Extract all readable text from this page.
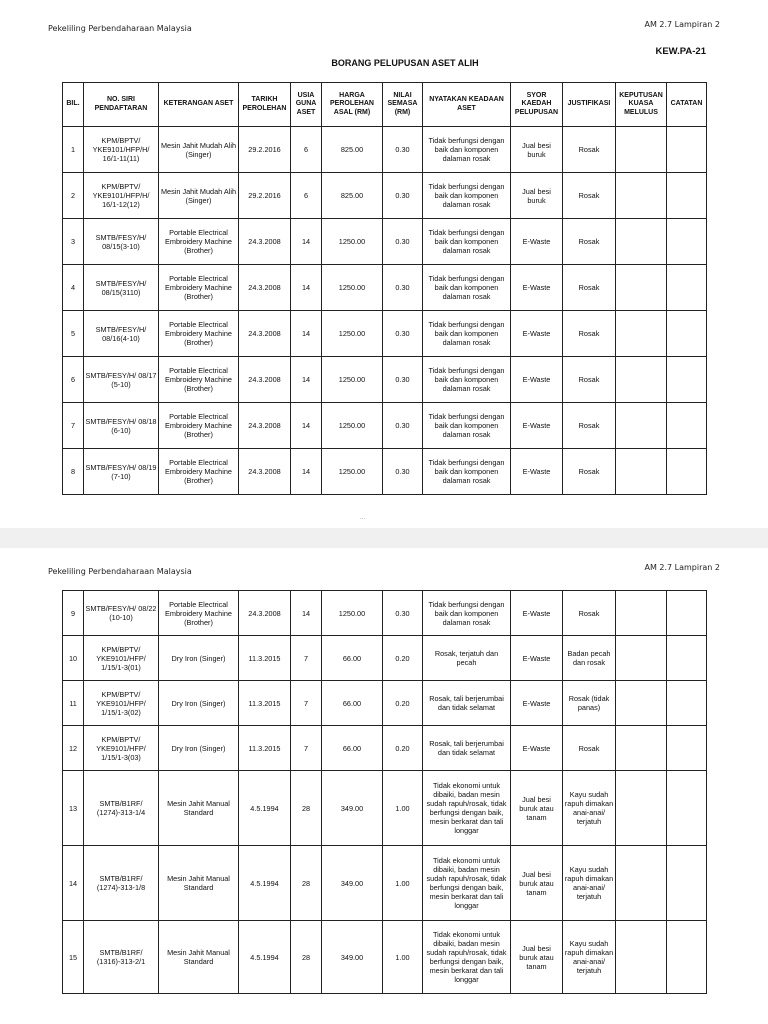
Pekeliling Perbendaharaan Malaysia	AM 2.7 Lampiran 2
KEW.PA-21
BORANG PELUPUSAN ASET ALIH
BIL.	NO. SIRI PENDAFTARAN	KETERANGAN ASET	TARIKH PEROLEHAN	USIA GUNA ASET	HARGA PEROLEHAN ASAL (RM)	NILAI SEMASA (RM)	NYATAKAN KEADAAN ASET	SYOR KAEDAH PELUPUSAN	JUSTIFIKASI	KEPUTUSAN KUASA MELULUS	CATATAN
1	KPM/BPTV/ YKE9101/HFP/H/ 16/1-11(11)	Mesin Jahit Mudah Alih (Singer)	29.2.2016	6	825.00	0.30	Tidak berfungsi dengan baik dan komponen dalaman rosak	Jual besi buruk	Rosak		
2	KPM/BPTV/ YKE9101/HFP/H/ 16/1-12(12)	Mesin Jahit Mudah Alih (Singer)	29.2.2016	6	825.00	0.30	Tidak berfungsi dengan baik dan komponen dalaman rosak	Jual besi buruk	Rosak		
3	SMTB/FESY/H/ 08/15(3-10)	Portable Electrical Embroidery Machine (Brother)	24.3.2008	14	1250.00	0.30	Tidak berfungsi dengan baik dan komponen dalaman rosak	E-Waste	Rosak		
4	SMTB/FESY/H/ 08/15(3110)	Portable Electrical Embroidery Machine (Brother)	24.3.2008	14	1250.00	0.30	Tidak berfungsi dengan baik dan komponen dalaman rosak	E-Waste	Rosak		
5	SMTB/FESY/H/ 08/16(4-10)	Portable Electrical Embroidery Machine (Brother)	24.3.2008	14	1250.00	0.30	Tidak berfungsi dengan baik dan komponen dalaman rosak	E-Waste	Rosak		
6	SMTB/FESY/H/ 08/17 (5-10)	Portable Electrical Embroidery Machine (Brother)	24.3.2008	14	1250.00	0.30	Tidak berfungsi dengan baik dan komponen dalaman rosak	E-Waste	Rosak		
7	SMTB/FESY/H/ 08/18 (6-10)	Portable Electrical Embroidery Machine (Brother)	24.3.2008	14	1250.00	0.30	Tidak berfungsi dengan baik dan komponen dalaman rosak	E-Waste	Rosak		
8	SMTB/FESY/H/ 08/19 (7-10)	Portable Electrical Embroidery Machine (Brother)	24.3.2008	14	1250.00	0.30	Tidak berfungsi dengan baik dan komponen dalaman rosak	E-Waste	Rosak		
...
Pekeliling Perbendaharaan Malaysia	AM 2.7 Lampiran 2
9	SMTB/FESY/H/ 08/22 (10-10)	Portable Electrical Embroidery Machine (Brother)	24.3.2008	14	1250.00	0.30	Tidak berfungsi dengan baik dan komponen dalaman rosak	E-Waste	Rosak		
10	KPM/BPTV/ YKE9101/HFP/ 1/15/1-3(01)	Dry Iron (Singer)	11.3.2015	7	66.00	0.20	Rosak, terjatuh dan pecah	E-Waste	Badan pecah dan rosak		
11	KPM/BPTV/ YKE9101/HFP/ 1/15/1-3(02)	Dry Iron (Singer)	11.3.2015	7	66.00	0.20	Rosak, tali berjerumbai dan tidak selamat	E-Waste	Rosak (tidak panas)		
12	KPM/BPTV/ YKE9101/HFP/ 1/15/1-3(03)	Dry Iron (Singer)	11.3.2015	7	66.00	0.20	Rosak, tali berjerumbai dan tidak selamat	E-Waste	Rosak		
13	SMTB/B1RF/ (1274)-313-1/4	Mesin Jahit Manual Standard	4.5.1994	28	349.00	1.00	Tidak ekonomi untuk dibaiki, badan mesin sudah rapuh/rosak, tidak berfungsi dengan baik, mesin berkarat dan tali longgar	Jual besi buruk atau tanam	Kayu sudah rapuh dimakan anai-anai/ terjatuh		
14	SMTB/B1RF/ (1274)-313-1/8	Mesin Jahit Manual Standard	4.5.1994	28	349.00	1.00	Tidak ekonomi untuk dibaiki, badan mesin sudah rapuh/rosak, tidak berfungsi dengan baik, mesin berkarat dan tali longgar	Jual besi buruk atau tanam	Kayu sudah rapuh dimakan anai-anai/ terjatuh		
15	SMTB/B1RF/ (1316)-313-2/1	Mesin Jahit Manual Standard	4.5.1994	28	349.00	1.00	Tidak ekonomi untuk dibaiki, badan mesin sudah rapuh/rosak, tidak berfungsi dengan baik, mesin berkarat dan tali longgar	Jual besi buruk atau tanam	Kayu sudah rapuh dimakan anai-anai/ terjatuh		
